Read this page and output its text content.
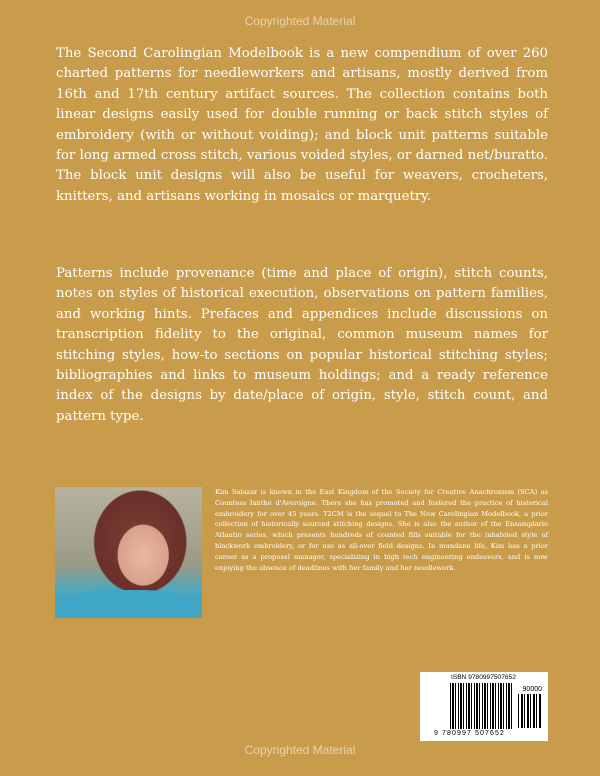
Copyrighted Material

The Second Carolingian Modelbook is a new compendium of over 260 charted patterns for needleworkers and artisans, mostly derived from 16th and 17th century artifact sources. The collection contains both linear designs easily used for double running or back stitch styles of embroidery (with or without voiding); and block unit patterns suitable for long armed cross stitch, various voided styles, or darned net/buratto. The block unit designs will also be useful for weavers, crocheters, knitters, and artisans working in mosaics or marquetry.

Patterns include provenance (time and place of origin), stitch counts, notes on styles of historical execution, observations on pattern families, and working hints. Prefaces and appendices include discussions on transcription fidelity to the original, common museum names for stitching styles, how-to sections on popular historical stitching styles; bibliographies and links to museum holdings; and a ready reference index of the designs by date/place of origin, style, stitch count, and pattern type.

Kim Salazar is known in the East Kingdom of the Society for Creative Anachronism (SCA) as Countess Ianthé d'Averoigne. There she has promoted and fostered the practice of historical embroidery for over 45 years. T2CM is the sequel to The New Carolingian Modelbook, a prior collection of historically sourced stitching designs. She is also the author of the Ensamplario Atlantio series, which presents hundreds of counted fills suitable for the inhabited style of blackwork embroidery, or for use as all-over field designs. In mundane life, Kim has a prior career as a proposal manager, specializing in high tech engineering endeavors, and is now enjoying the absence of deadlines with her family and her needlework.

ISBN 9780997507652
90000
9 780997 507652
Copyrighted Material
